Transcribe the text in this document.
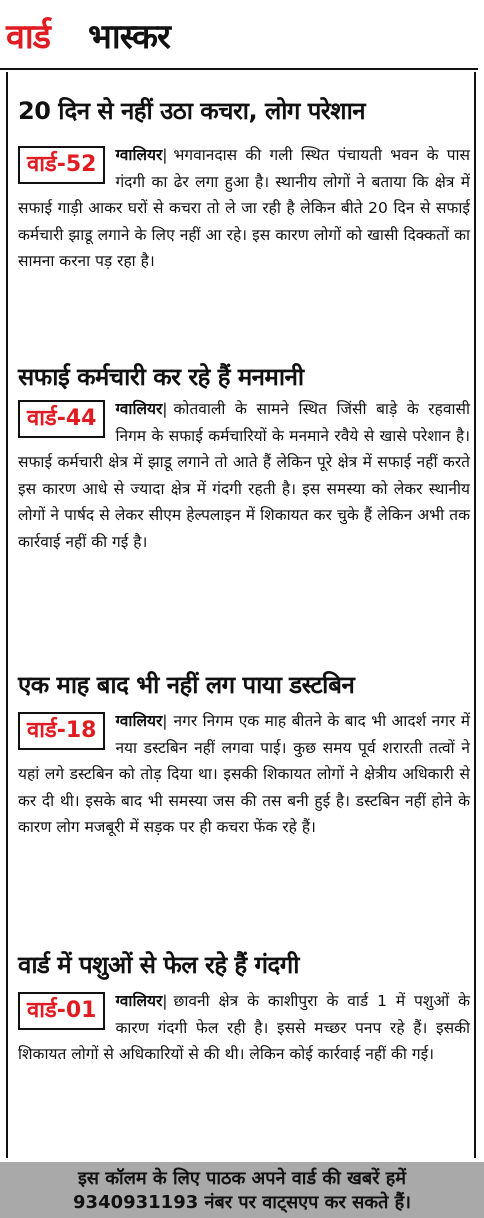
वार्ड भास्कर
20 दिन से नहीं उठा कचरा, लोग परेशान
ग्वालियर|
वार्ड-52	भगवानदास की गली स्थित पंचायती भवन के पास गंदगी का ढेर लगा हुआ है। स्थानीय लोगों ने बताया कि क्षेत्र में सफाई गाड़ी आकर घरों से कचरा तो ले जा रही है लेकिन बीते 20 दिन से सफाई कर्मचारी झाडू लगाने के लिए नहीं आ रहे। इस कारण लोगों को खासी दिक्कतों का सामना करना पड़ रहा है।
सफाई कर्मचारी कर रहे हैं मनमानी
ग्वालियर|
वार्ड-44	कोतवाली के सामने स्थित जिंसी बाड़े के रहवासी निगम के सफाई कर्मचारियों के मनमाने रवैये से खासे परेशान है। सफाई कर्मचारी क्षेत्र में झाडू लगाने तो आते हैं लेकिन पूरे क्षेत्र में सफाई नहीं करते इस कारण आधे से ज्यादा क्षेत्र में गंदगी रहती है। इस समस्या को लेकर स्थानीय लोगों ने पार्षद से लेकर सीएम हेल्पलाइन में शिकायत कर चुके हैं लेकिन अभी तक कार्रवाई नहीं की गई है।
एक माह बाद भी नहीं लग पाया डस्टबिन
ग्वालियर|
वार्ड-18	नगर निगम एक माह बीतने के बाद भी आदर्श नगर में नया डस्टबिन नहीं लगवा पाई। कुछ समय पूर्व शरारती तत्वों ने यहां लगे डस्टबिन को तोड़ दिया था। इसकी शिकायत लोगों ने क्षेत्रीय अधिकारी से कर दी थी। इसके बाद भी समस्या जस की तस बनी हुई है। डस्टबिन नहीं होने के कारण लोग मजबूरी में सड़क पर ही कचरा फेंक रहे हैं।
वार्ड में पशुओं से फेल रहे हैं गंदगी
ग्वालियर|
वार्ड-01	छावनी क्षेत्र के काशीपुरा के वार्ड 1 में पशुओं के कारण गंदगी फेल रही है। इससे मच्छर पनप रहे हैं। इसकी शिकायत लोगों से अधिकारियों से की थी। लेकिन कोई कार्रवाई नहीं की गई।
इस कॉलम के लिए पाठक अपने वार्ड की खबरें हमें
9340931193 नंबर पर वाट्सएप कर सकते हैं।
